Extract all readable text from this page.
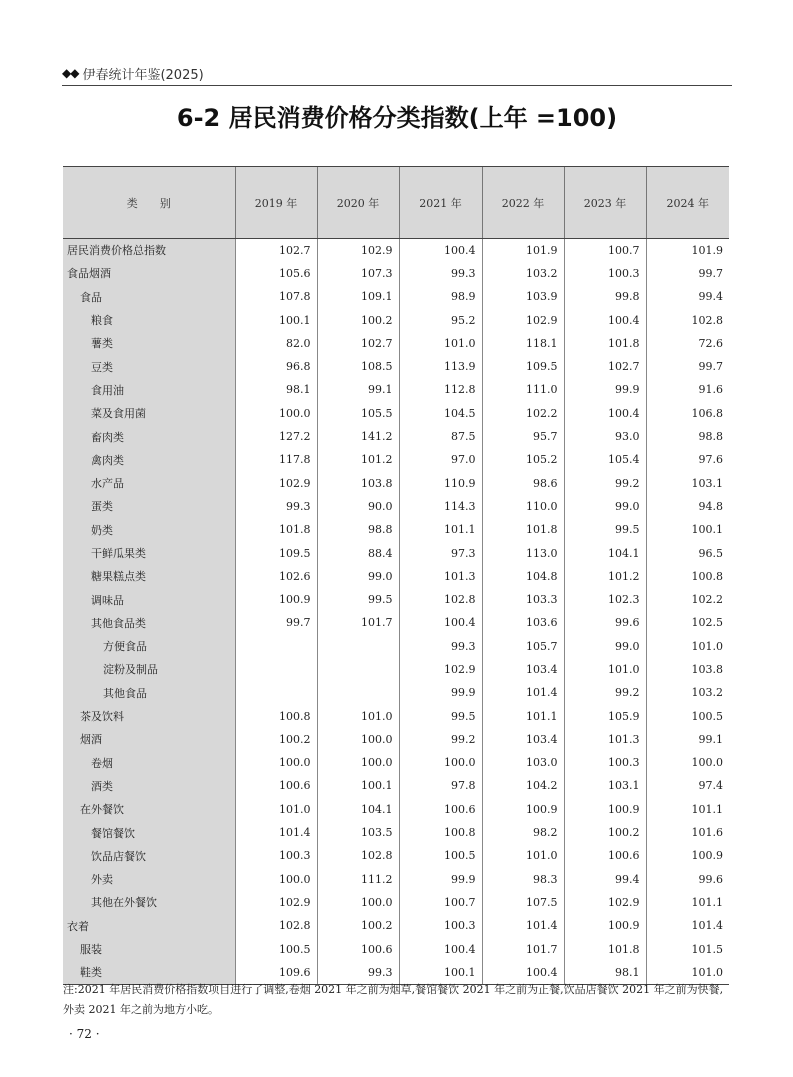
◆◆ 伊春统计年鉴(2025)
6-2 居民消费价格分类指数(上年 =100)
类　　别	2019 年	2020 年	2021 年	2022 年	2023 年	2024 年
居民消费价格总指数	102.7	102.9	100.4	101.9	100.7	101.9
食品烟酒	105.6	107.3	99.3	103.2	100.3	99.7
食品	107.8	109.1	98.9	103.9	99.8	99.4
粮食	100.1	100.2	95.2	102.9	100.4	102.8
薯类	82.0	102.7	101.0	118.1	101.8	72.6
豆类	96.8	108.5	113.9	109.5	102.7	99.7
食用油	98.1	99.1	112.8	111.0	99.9	91.6
菜及食用菌	100.0	105.5	104.5	102.2	100.4	106.8
畜肉类	127.2	141.2	87.5	95.7	93.0	98.8
禽肉类	117.8	101.2	97.0	105.2	105.4	97.6
水产品	102.9	103.8	110.9	98.6	99.2	103.1
蛋类	99.3	90.0	114.3	110.0	99.0	94.8
奶类	101.8	98.8	101.1	101.8	99.5	100.1
干鲜瓜果类	109.5	88.4	97.3	113.0	104.1	96.5
糖果糕点类	102.6	99.0	101.3	104.8	101.2	100.8
调味品	100.9	99.5	102.8	103.3	102.3	102.2
其他食品类	99.7	101.7	100.4	103.6	99.6	102.5
方便食品			99.3	105.7	99.0	101.0
淀粉及制品			102.9	103.4	101.0	103.8
其他食品			99.9	101.4	99.2	103.2
茶及饮料	100.8	101.0	99.5	101.1	105.9	100.5
烟酒	100.2	100.0	99.2	103.4	101.3	99.1
卷烟	100.0	100.0	100.0	103.0	100.3	100.0
酒类	100.6	100.1	97.8	104.2	103.1	97.4
在外餐饮	101.0	104.1	100.6	100.9	100.9	101.1
餐馆餐饮	101.4	103.5	100.8	98.2	100.2	101.6
饮品店餐饮	100.3	102.8	100.5	101.0	100.6	100.9
外卖	100.0	111.2	99.9	98.3	99.4	99.6
其他在外餐饮	102.9	100.0	100.7	107.5	102.9	101.1
衣着	102.8	100.2	100.3	101.4	100.9	101.4
服装	100.5	100.6	100.4	101.7	101.8	101.5
鞋类	109.6	99.3	100.1	100.4	98.1	101.0
注:2021 年居民消费价格指数项目进行了调整,卷烟 2021 年之前为烟草,餐馆餐饮 2021 年之前为正餐,饮品店餐饮 2021 年之前为快餐,外卖 2021 年之前为地方小吃。
· 72 ·
